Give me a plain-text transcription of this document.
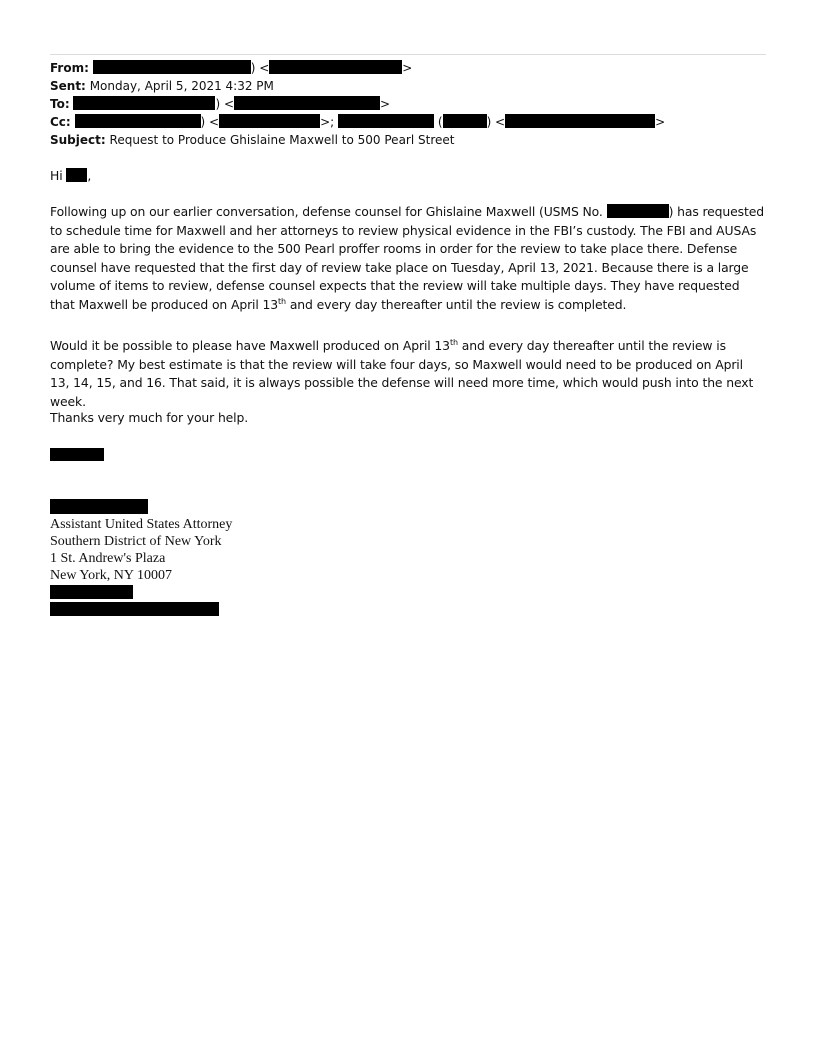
From:	) <	>
Sent: Monday, April 5, 2021 4:32 PM
To:	) <	>
Cc:	) <	>;	(	) <	>
Subject: Request to Produce Ghislaine Maxwell to 500 Pearl Street
Hi ,
Following up on our earlier conversation, defense counsel for Ghislaine Maxwell (USMS No.	) has requested to schedule time for Maxwell and her attorneys to review physical evidence in the FBI’s custody. The FBI and AUSAs are able to bring the evidence to the 500 Pearl proffer rooms in order for the review to take place there. Defense counsel have requested that the first day of review take place on Tuesday, April 13, 2021. Because there is a large volume of items to review, defense counsel expects that the review will take multiple days. They have requested that Maxwell be produced on April 13th and every day thereafter until the review is completed.
Would it be possible to please have Maxwell produced on April 13th and every day thereafter until the review is complete? My best estimate is that the review will take four days, so Maxwell would need to be produced on April 13, 14, 15, and 16. That said, it is always possible the defense will need more time, which would push into the next week.
Thanks very much for your help.
Assistant United States Attorney
Southern District of New York
1 St. Andrew's Plaza
New York, NY 10007
